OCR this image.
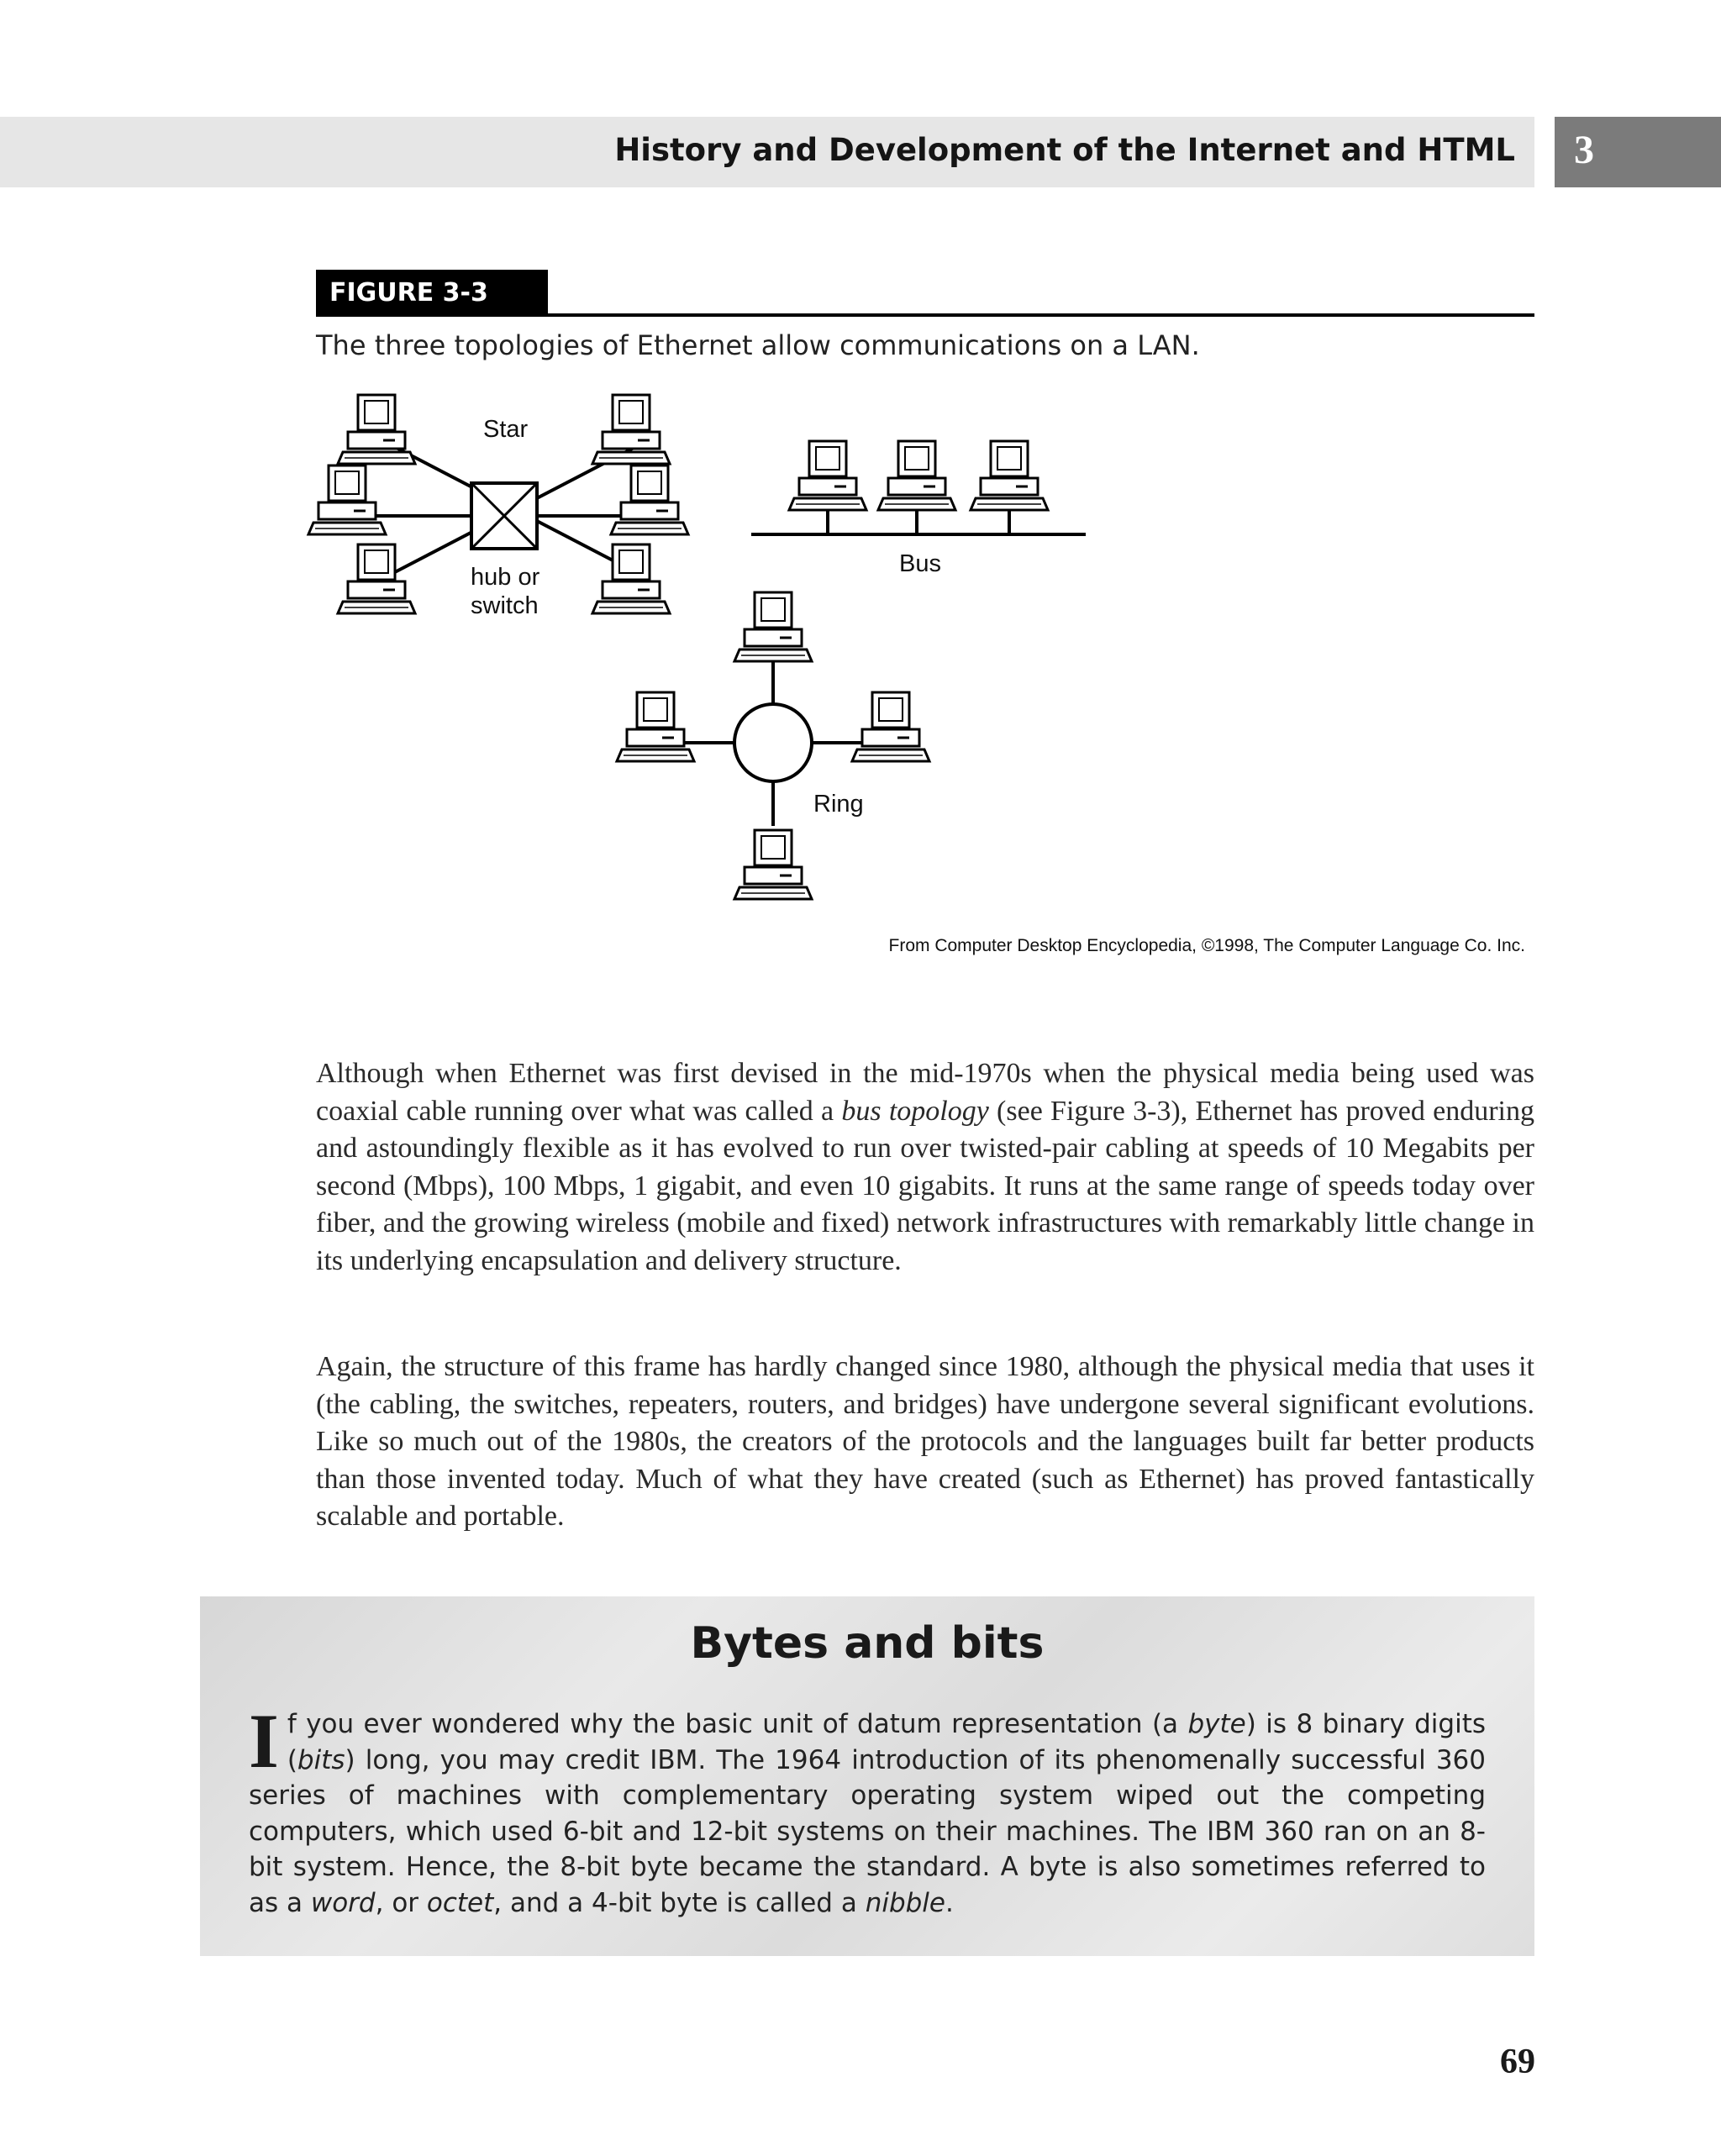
History and Development of the Internet and HTML 3
FIGURE 3-3
The three topologies of Ethernet allow communications on a LAN.
Star
hub or
switch
Bus
Ring
From Computer Desktop Encyclopedia, ©1998, The Computer Language Co. Inc.
Although when Ethernet was first devised in the mid-1970s when the physical media being used was coaxial cable running over what was called a bus topology (see Figure 3-3), Ethernet has proved enduring and astoundingly flexible as it has evolved to run over twisted-pair cabling at speeds of 10 Megabits per second (Mbps), 100 Mbps, 1 gigabit, and even 10 gigabits. It runs at the same range of speeds today over fiber, and the growing wireless (mobile and fixed) network infrastructures with remarkably little change in its underlying encapsulation and delivery structure.
Again, the structure of this frame has hardly changed since 1980, although the physical media that uses it (the cabling, the switches, repeaters, routers, and bridges) have undergone several significant evolutions. Like so much out of the 1980s, the creators of the protocols and the languages built far better products than those invented today. Much of what they have created (such as Ethernet) has proved fantastically scalable and portable.
Bytes and bits
If you ever wondered why the basic unit of datum representation (a byte) is 8 binary digits (bits) long, you may credit IBM. The 1964 introduction of its phenomenally successful 360 series of machines with complementary operating system wiped out the competing computers, which used 6-bit and 12-bit systems on their machines. The IBM 360 ran on an 8-bit system. Hence, the 8-bit byte became the standard. A byte is also sometimes referred to as a word, or octet, and a 4-bit byte is called a nibble.
69
